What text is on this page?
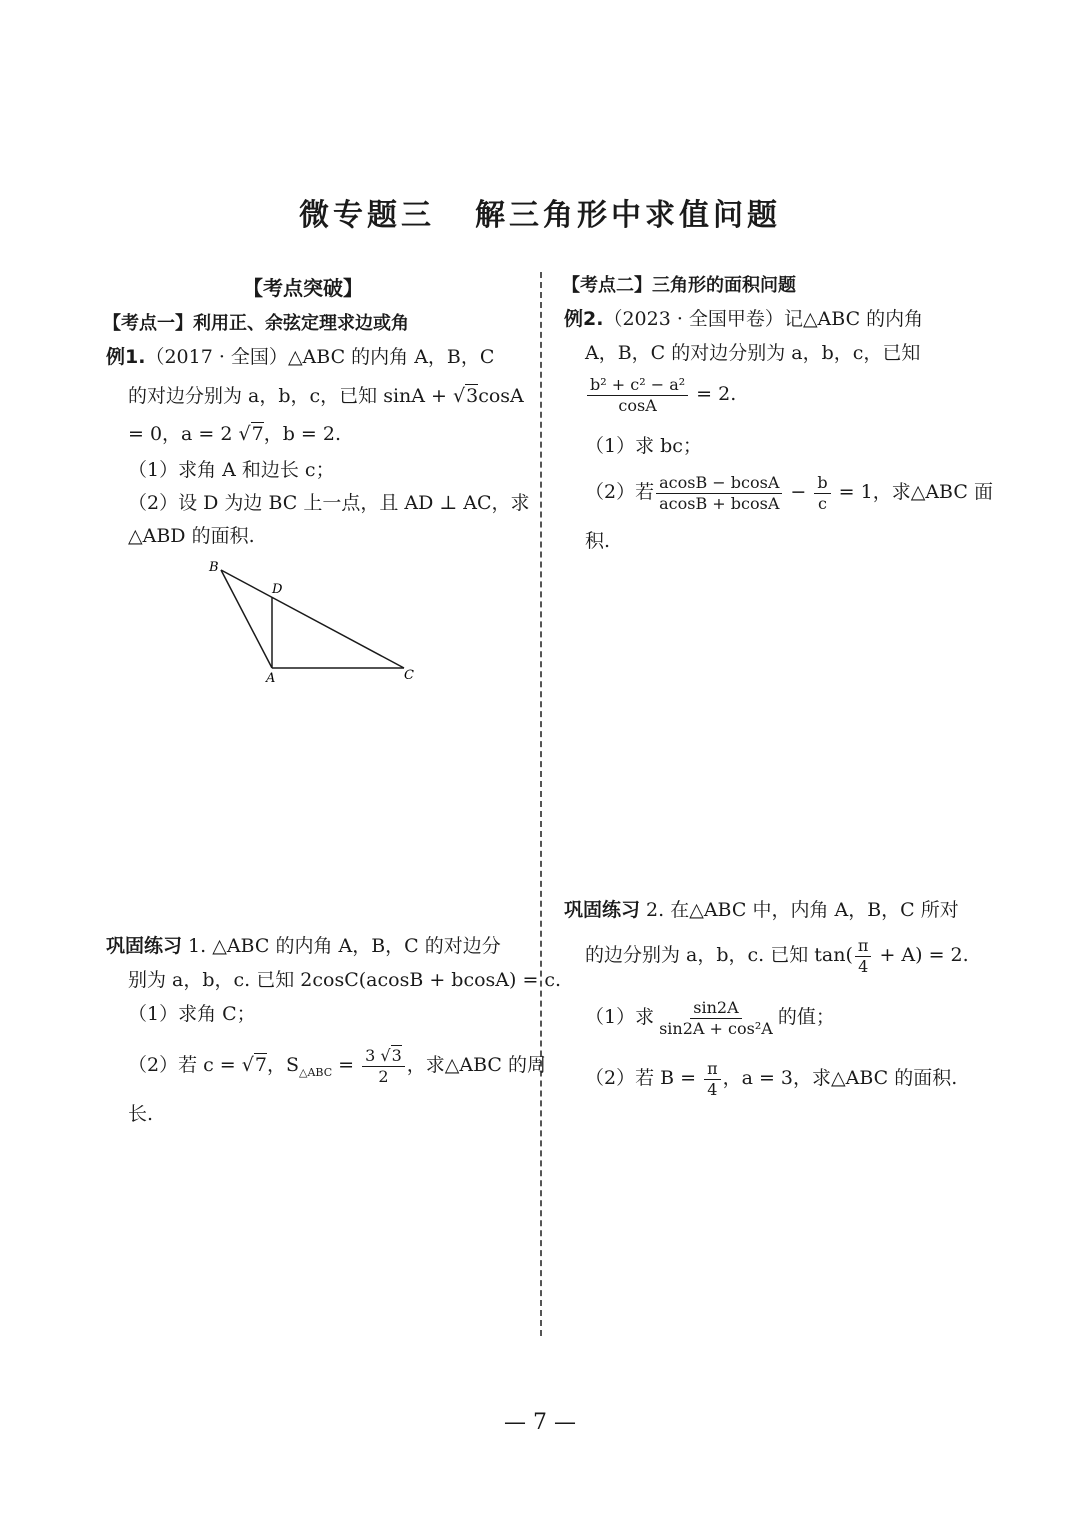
微专题三 解三角形中求值问题
【考点突破】
【考点一】利用正、余弦定理求边或角
例1.（2017 · 全国）△ABC 的内角 A，B，C
的对边分别为 a，b，c，已知 sinA + √3cosA
= 0，a = 2 √7，b = 2.
（1）求角 A 和边长 c；
（2）设 D 为边 BC 上一点，且 AD ⊥ AC，求
△ABD 的面积.
B
D
A	C
巩固练习 1. △ABC 的内角 A，B，C 的对边分
别为 a，b，c. 已知 2cosC(acosB + bcosA) = c.
（1）求角 C；
（2）若 c = √7，$S_{\triangle ABC} = \frac{3 √3}{2}$ ，求△ABC 的周
长.
【考点二】三角形的面积问题
例2.（2023 · 全国甲卷）记△ABC 的内角
A，B，C 的对边分别为 a，b，c，已知
$\frac{\text{b² + c² − a²}}{\cos A} = 2$.
（1）求 bc；
（2）若 $\frac{acosB - bcosA}{acosB + bcosA} - \frac{b}{c} = 1$，求△ABC 面
积.
巩固练习 2. 在△ABC 中，内角 A，B，C 所对
的边分别为 a，b，c. 已知 $\tan( \frac{\pi}{4} + A) = 2$.
（1）求 $\frac{\sin 2A}{\text{sin2A + cos²A}}$ 的值；
（2）若 $B = \frac{\pi}{4}$ ，a = 3，求△ABC 的面积.
— 7 —
